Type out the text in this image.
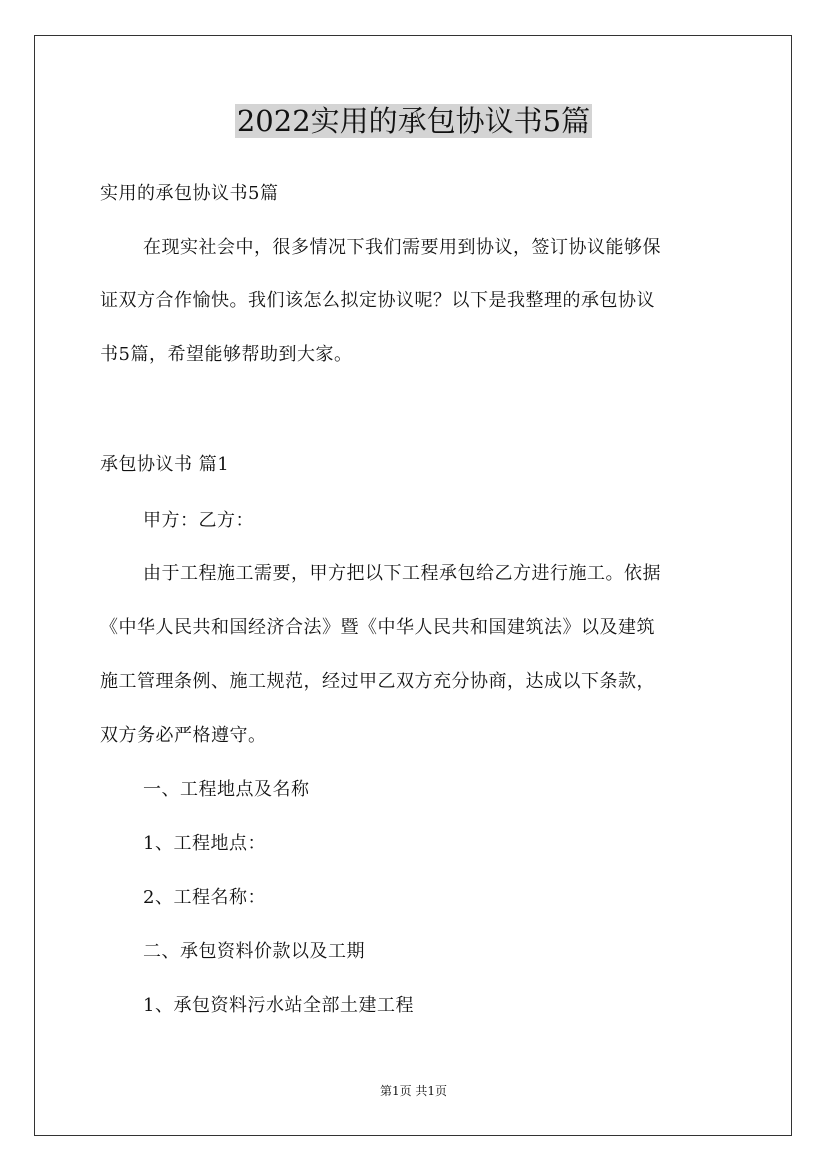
2022实用的承包协议书5篇
实用的承包协议书5篇
在现实社会中，很多情况下我们需要用到协议，签订协议能够保
证双方合作愉快。我们该怎么拟定协议呢？以下是我整理的承包协议
书5篇，希望能够帮助到大家。
承包协议书 篇1
甲方：乙方：
由于工程施工需要，甲方把以下工程承包给乙方进行施工。依据
《中华人民共和国经济合法》暨《中华人民共和国建筑法》以及建筑
施工管理条例、施工规范，经过甲乙双方充分协商，达成以下条款，
双方务必严格遵守。
一、工程地点及名称
1、工程地点：
2、工程名称：
二、承包资料价款以及工期
1、承包资料污水站全部土建工程
第1页 共1页
